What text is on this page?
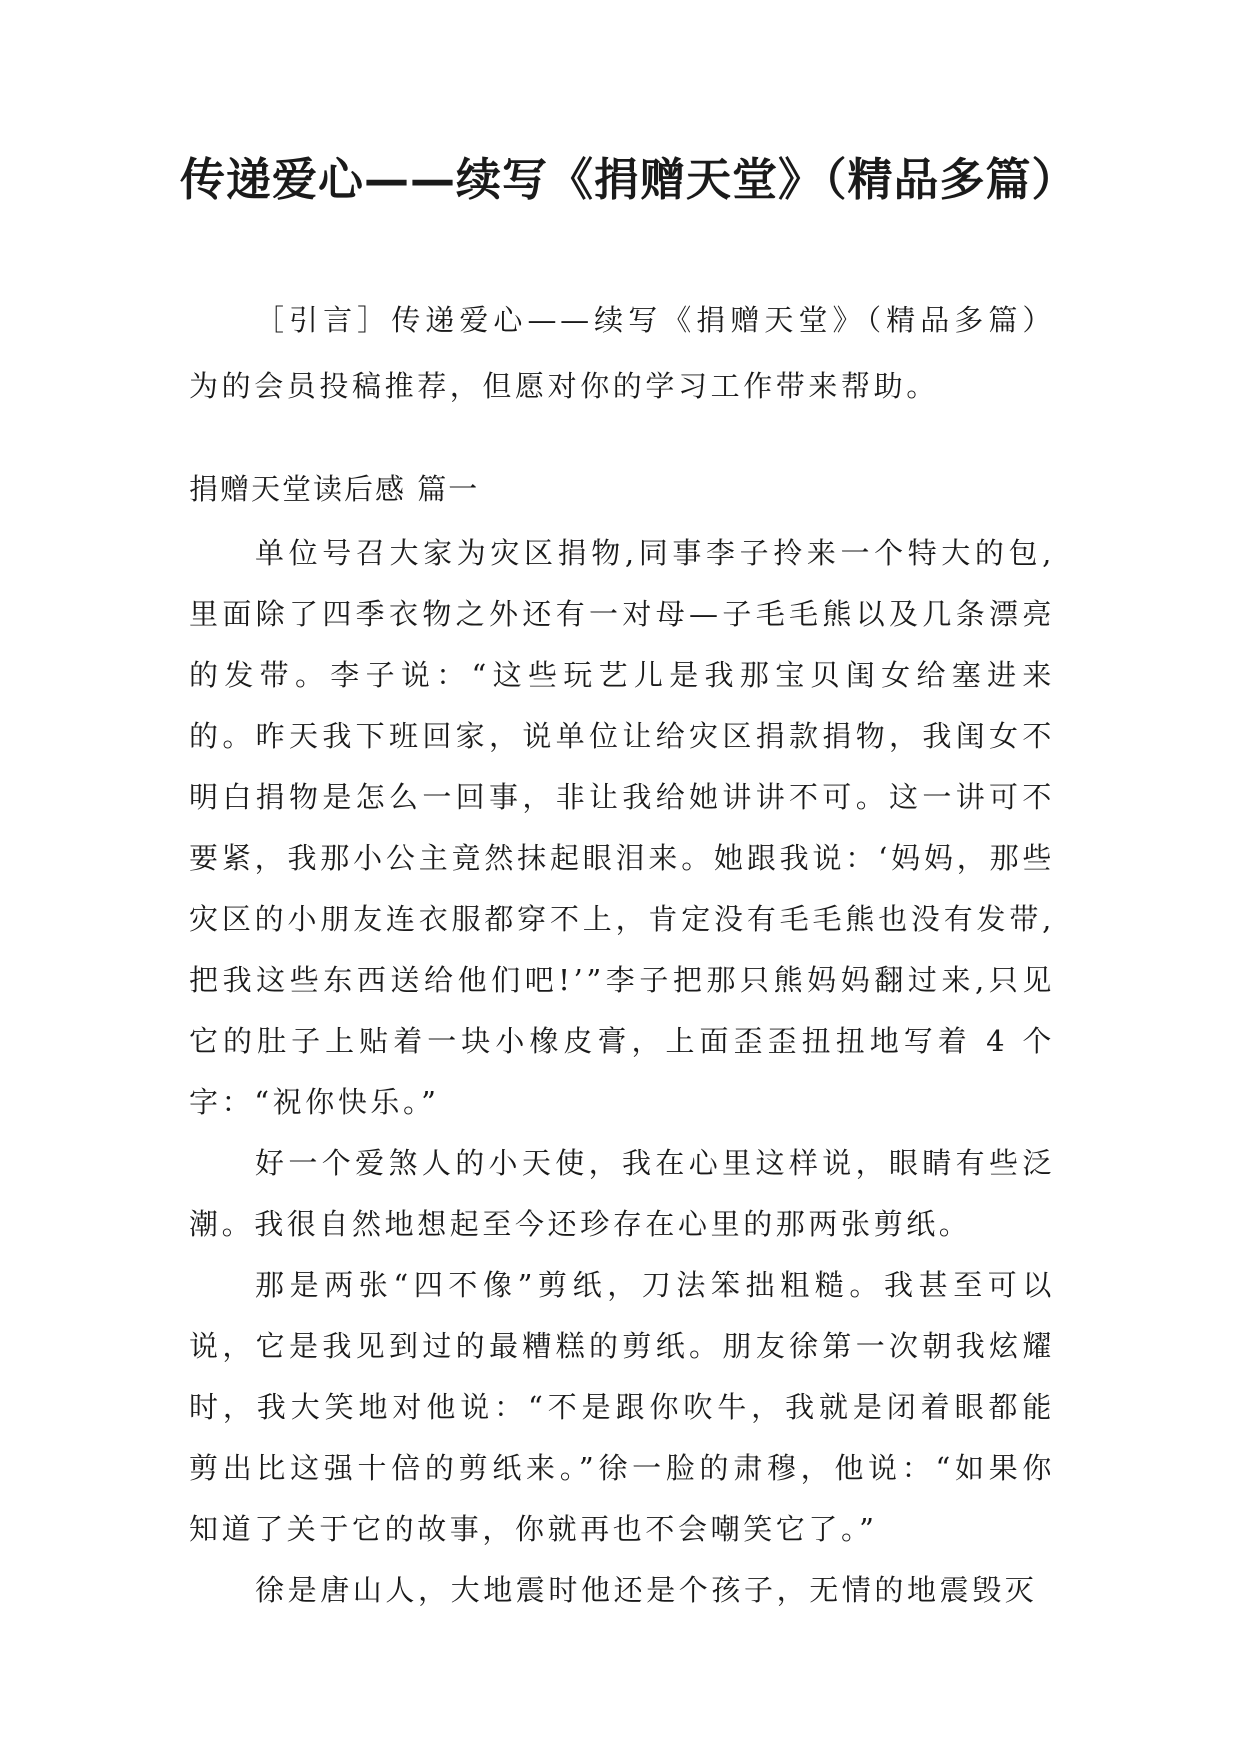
传递爱心——续写《捐赠天堂》（精品多篇）

［引言］传递爱心——续写《捐赠天堂》（精品多篇）为的会员投稿推荐，但愿对你的学习工作带来帮助。

捐赠天堂读后感 篇一

单位号召大家为灾区捐物,同事李子拎来一个特大的包,里面除了四季衣物之外还有一对母—子毛毛熊以及几条漂亮的发带。李子说：“这些玩艺儿是我那宝贝闺女给塞进来的。昨天我下班回家，说单位让给灾区捐款捐物，我闺女不明白捐物是怎么一回事，非让我给她讲讲不可。这一讲可不要紧，我那小公主竟然抹起眼泪来。她跟我说：‘妈妈，那些灾区的小朋友连衣服都穿不上，肯定没有毛毛熊也没有发带,把我这些东西送给他们吧!’”李子把那只熊妈妈翻过来,只见它的肚子上贴着一块小橡皮膏，上面歪歪扭扭地写着 4 个字：“祝你快乐。”

好一个爱煞人的小天使，我在心里这样说，眼睛有些泛潮。我很自然地想起至今还珍存在心里的那两张剪纸。

那是两张“四不像”剪纸，刀法笨拙粗糙。我甚至可以说，它是我见到过的最糟糕的剪纸。朋友徐第一次朝我炫耀时，我大笑地对他说：“不是跟你吹牛，我就是闭着眼都能剪出比这强十倍的剪纸来。”徐一脸的肃穆，他说：“如果你知道了关于它的故事，你就再也不会嘲笑它了。”

徐是唐山人，大地震时他还是个孩子，无情的地震毁灭
